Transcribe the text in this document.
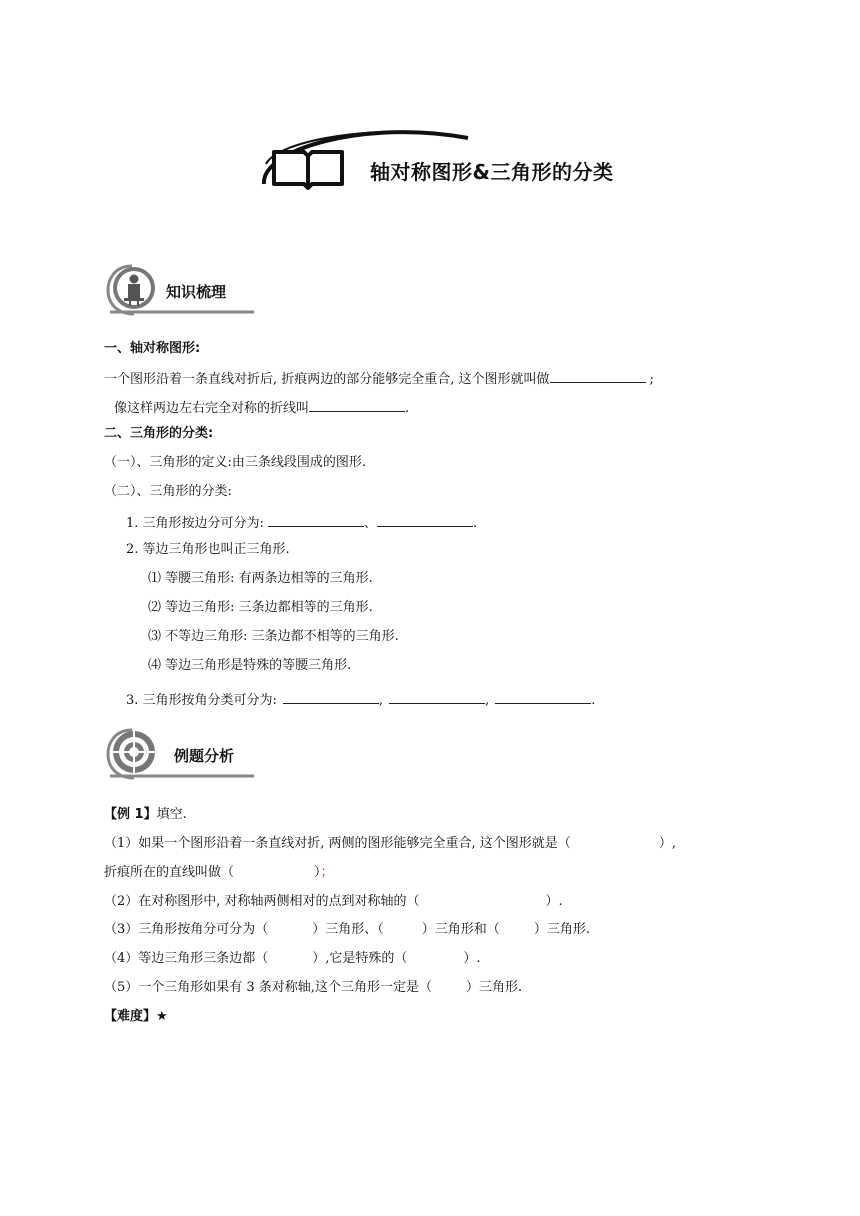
轴对称图形&三角形的分类
知识梳理
一、轴对称图形:
一个图形沿着一条直线对折后, 折痕两边的部分能够完全重合, 这个图形就叫做	;
像这样两边左右完全对称的折线叫	.
二、三角形的分类:
（一）、三角形的定义:由三条线段围成的图形.
（二）、三角形的分类:
1. 三角形按边分可分为:	、	.
2. 等边三角形也叫正三角形.
⑴ 等腰三角形: 有两条边相等的三角形.
⑵ 等边三角形: 三条边都相等的三角形.
⑶ 不等边三角形: 三条边都不相等的三角形.
⑷ 等边三角形是特殊的等腰三角形.
3. 三角形按角分类可分为:	,	,	.
例题分析
【例 1】填空.
（1）如果一个图形沿着一条直线对折, 两侧的图形能够完全重合, 这个图形就是（	）,
折痕所在的直线叫做（	）；
（2）在对称图形中, 对称轴两侧相对的点到对称轴的（	）.
（3）三角形按角分可分为（	）三角形、（	）三角形和（	）三角形.
（4）等边三角形三条边都（	）,它是特殊的（	）.
（5）一个三角形如果有 3 条对称轴,这个三角形一定是（	）三角形.
【难度】★
